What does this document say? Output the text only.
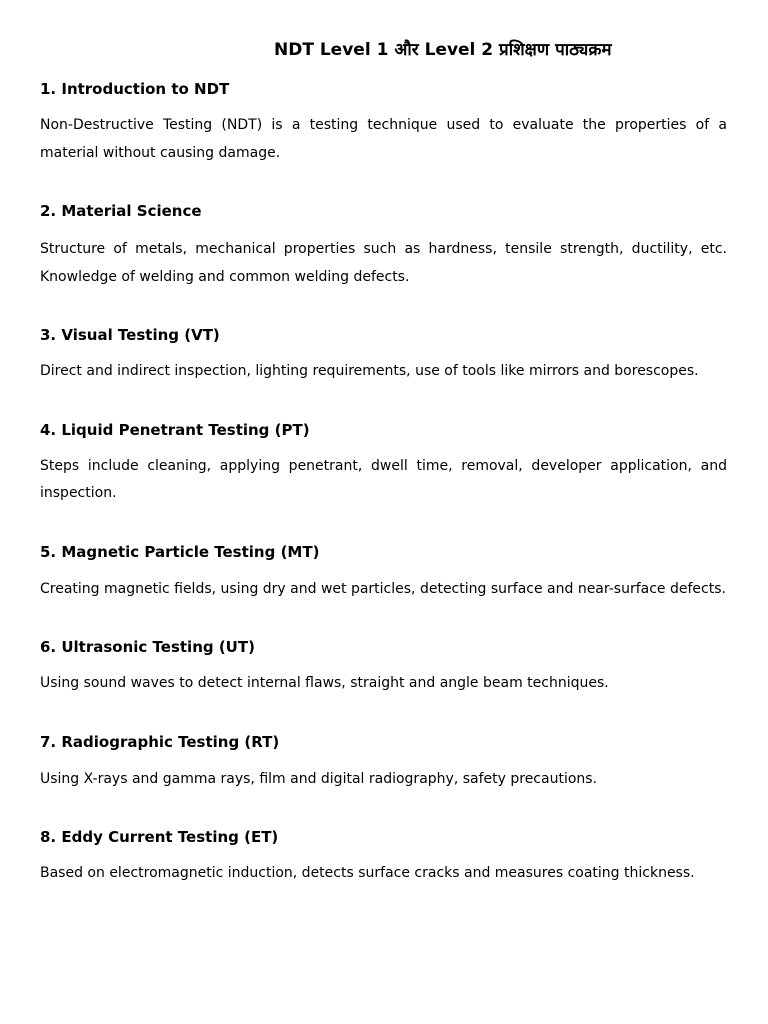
NDT Level 1 और Level 2 प्रशिक्षण पाठ्यक्रम
1. Introduction to NDT

Non-Destructive Testing (NDT) is a testing technique used to evaluate the properties of a material without causing damage.

2. Material Science

Structure of metals, mechanical properties such as hardness, tensile strength, ductility, etc. Knowledge of welding and common welding defects.

3. Visual Testing (VT)

Direct and indirect inspection, lighting requirements, use of tools like mirrors and borescopes.

4. Liquid Penetrant Testing (PT)

Steps include cleaning, applying penetrant, dwell time, removal, developer application, and inspection.

5. Magnetic Particle Testing (MT)

Creating magnetic fields, using dry and wet particles, detecting surface and near-surface defects.

6. Ultrasonic Testing (UT)

Using sound waves to detect internal flaws, straight and angle beam techniques.

7. Radiographic Testing (RT)

Using X-rays and gamma rays, film and digital radiography, safety precautions.

8. Eddy Current Testing (ET)

Based on electromagnetic induction, detects surface cracks and measures coating thickness.
